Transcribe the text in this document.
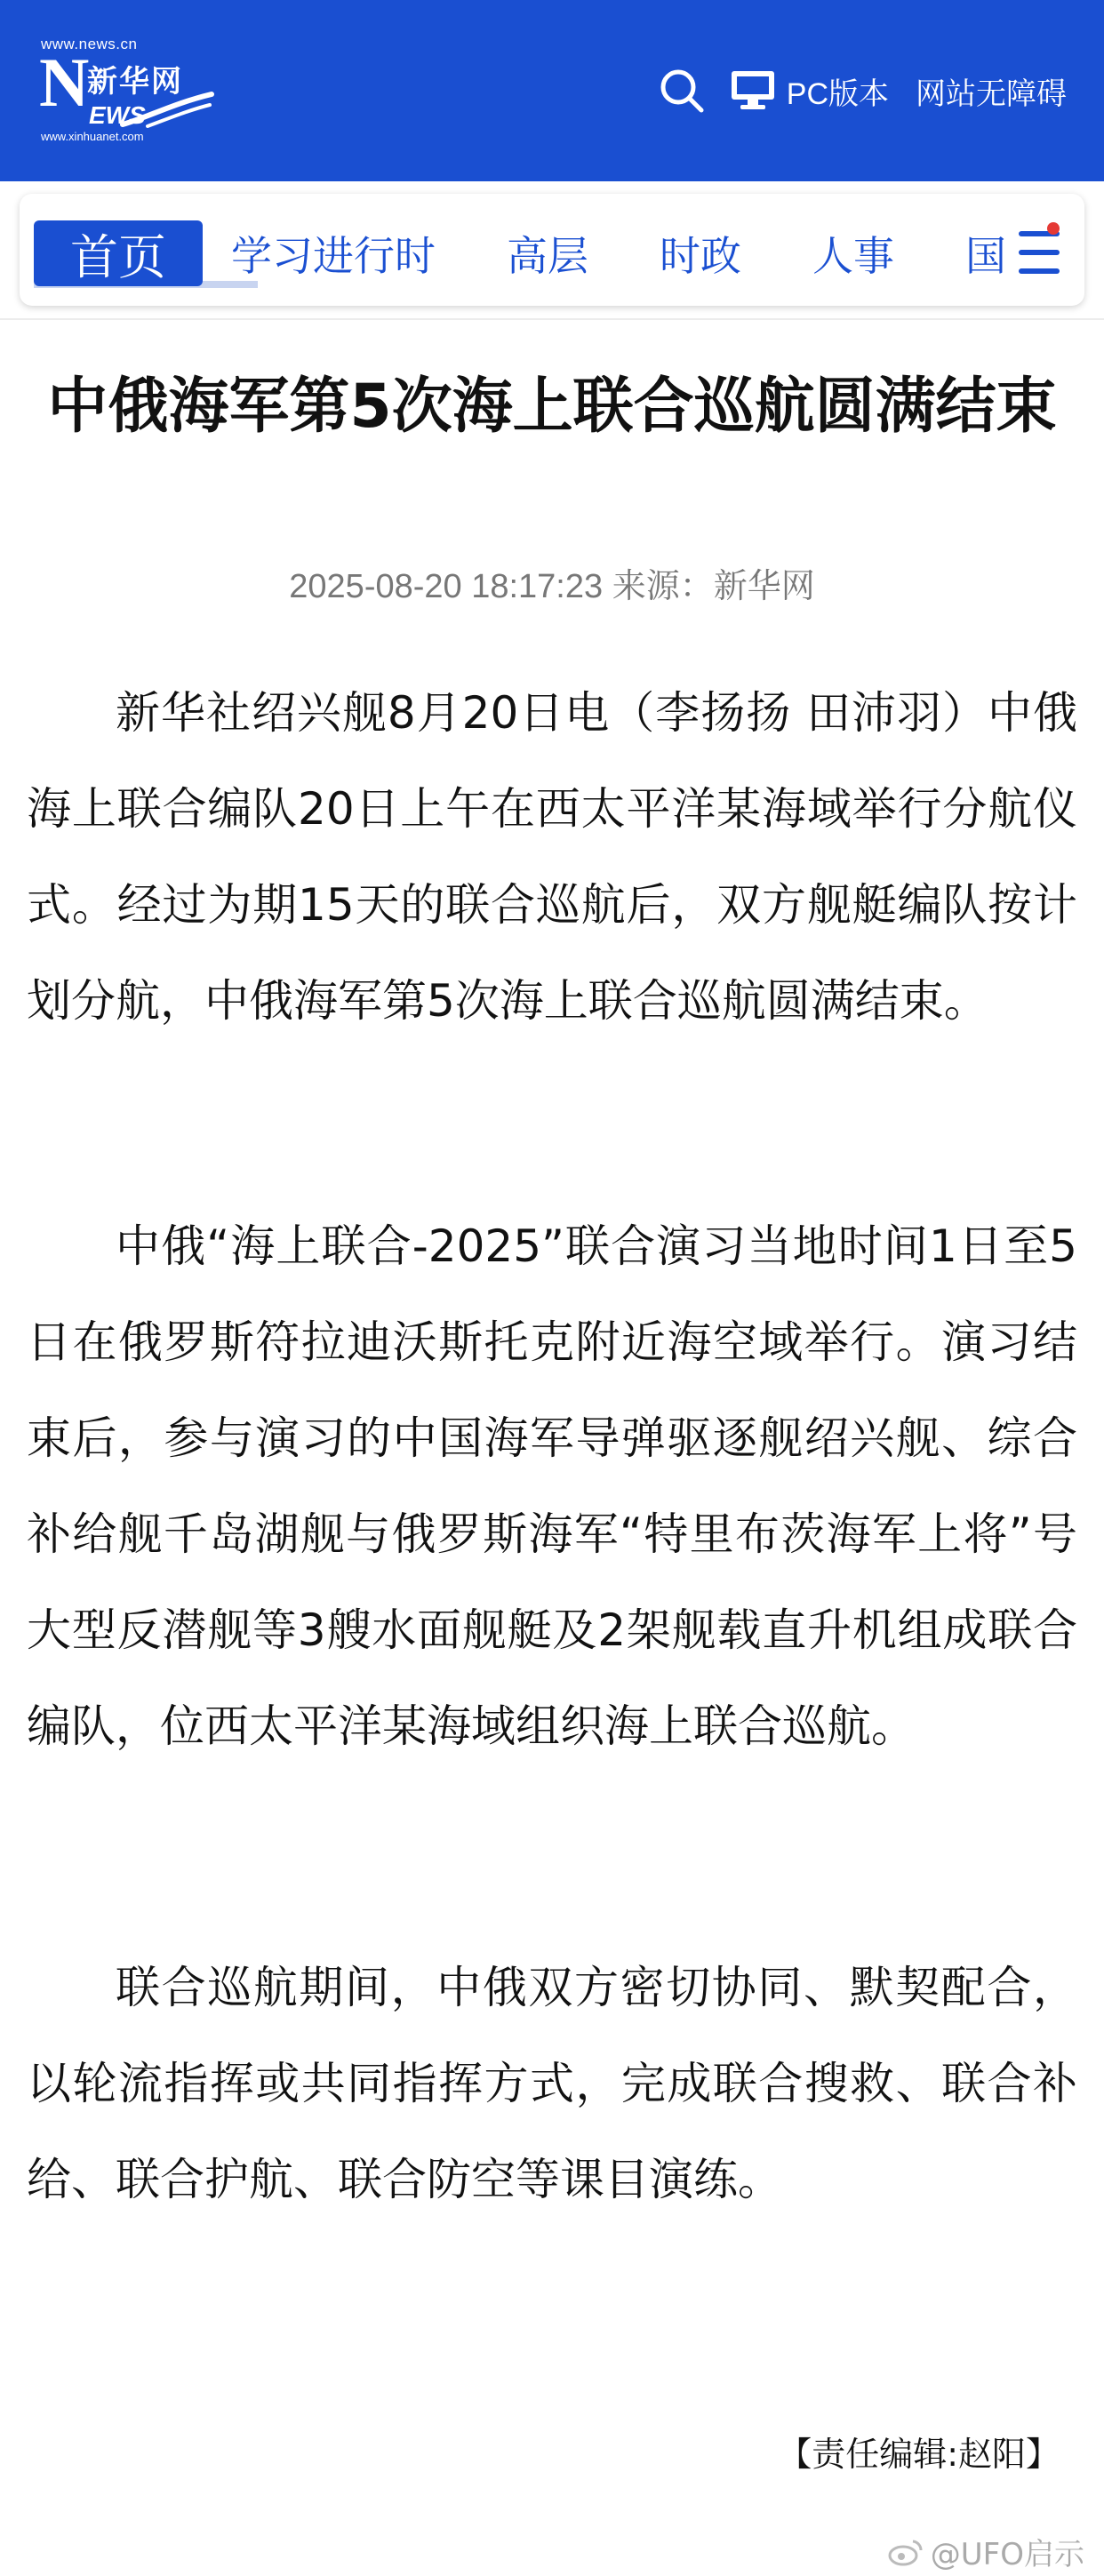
www.news.cn
N
新华网
EWS
www.xinhuanet.com
PC版本 网站无障碍
首页	学习进行时 高层 时政 人事 国
中俄海军第5次海上联合巡航圆满结束
2025-08-20 18:17:23 来源：新华网

新华社绍兴舰8月20日电（李扬扬 田沛羽）中俄海上联合编队20日上午在西太平洋某海域举行分航仪式。经过为期15天的联合巡航后，双方舰艇编队按计划分航，中俄海军第5次海上联合巡航圆满结束。

中俄“海上联合-2025”联合演习当地时间1日至5日在俄罗斯符拉迪沃斯托克附近海空域举行。演习结束后，参与演习的中国海军导弹驱逐舰绍兴舰、综合补给舰千岛湖舰与俄罗斯海军“特里布茨海军上将”号大型反潜舰等3艘水面舰艇及2架舰载直升机组成联合编队，位西太平洋某海域组织海上联合巡航。

联合巡航期间，中俄双方密切协同、默契配合，以轮流指挥或共同指挥方式，完成联合搜救、联合补给、联合护航、联合防空等课目演练。

【责任编辑:赵阳】
@UFO启示
